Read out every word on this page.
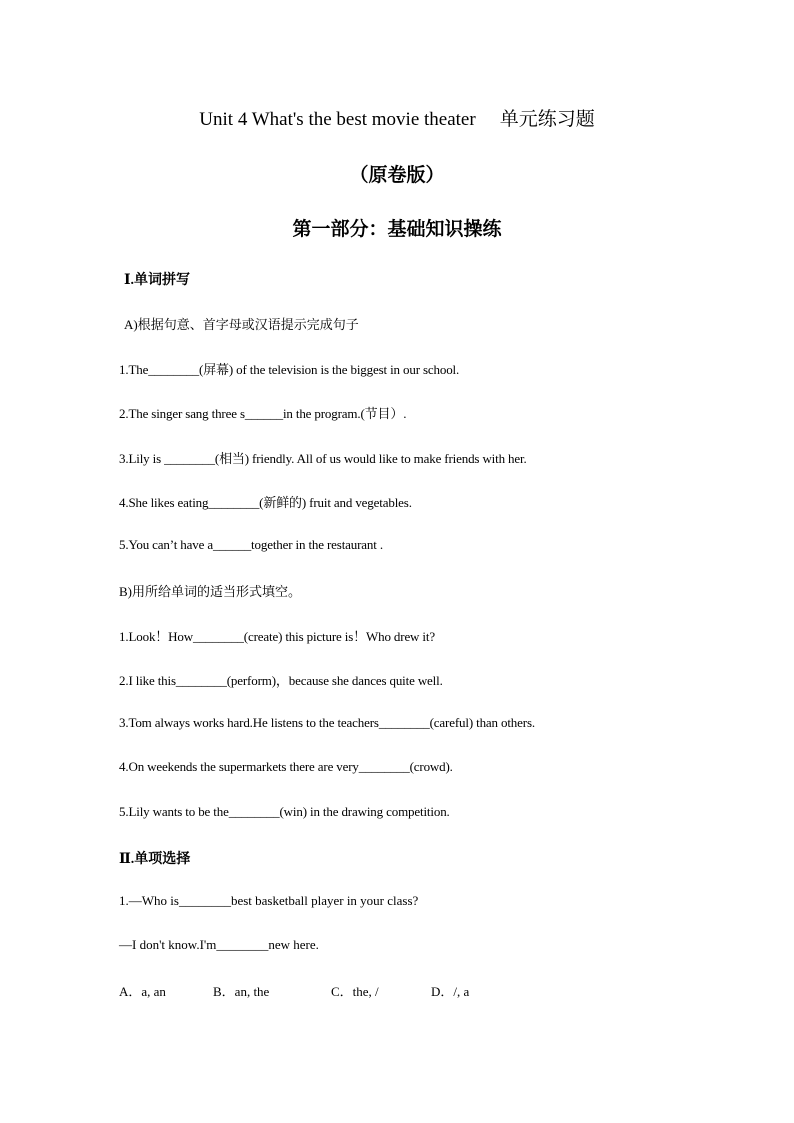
Unit 4 What's the best movie theater 单元练习题
（原卷版）
第一部分：基础知识操练
Ⅰ.单词拼写
A)根据句意、首字母或汉语提示完成句子
1.The________(屏幕) of the television is the biggest in our school.
2.The singer sang three s______in the program.(节目）.
3.Lily is ________(相当) friendly. All of us would like to make friends with her.
4.She likes eating________(新鲜的) fruit and vegetables.
5.You can’t have a______together in the restaurant .
B)用所给单词的适当形式填空。
1.Look！How________(create) this picture is！Who drew it?
2.I like this________(perform)，because she dances quite well.
3.Tom always works hard.He listens to the teachers________(careful) than others.
4.On weekends the supermarkets there are very________(crowd).
5.Lily wants to be the________(win) in the drawing competition.
Ⅱ.单项选择
1.—Who is________best basketball player in your class?
—I don't know.I'm________new here.
A．a, an	B．an, the	C．the, /	D．/, a
